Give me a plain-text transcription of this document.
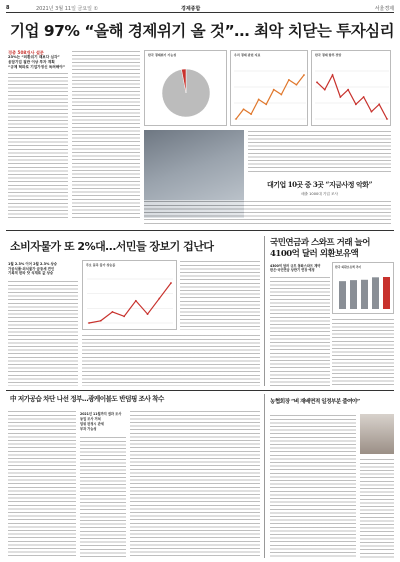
8	2021년 3월 11일 금요일 ①	경제종합	서울경제
기업 97% “올해 경제위기 올 것”… 최악 치닫는 투자심리
경총 508개사 설문
23%는 “외환위기 때보다 심각”
응답기업 절반 이상 투자 계획
“규제 혁파로 기업가정신 독려해야”
한국 경제위기 가능성	우리 경제 관련 지표	한국 경제 향후 전망
대기업 10곳 중 3곳 “지금사정 악화”
매출 1000대 기업 조사
소비자물가 또 2%대…서민들 장보기 겁난다
1월 2.3% 이어 2월 2.3% 상승
가공식품·외식물가 급등세 견인
기록적 한파 탓 식재료 값 상승
주요 품목 물가 상승률
국민연금과 스와프 거래 늘어 4100억 달러 외환보유액
4300억 달러 규모 통화스와프 계약
한은·국민연금 상반기 연장 예정
한국 외환보유액 추이
中 저가공습 차단 나선 정부…광케이블도 반덤핑 조사 착수
2021년 11월까지 결과 조사
동일 조사 거쳐
덤핑 판정시 관세
부과 가능성
농협회장 “벼 재배면적 일정부분 줄여야”
